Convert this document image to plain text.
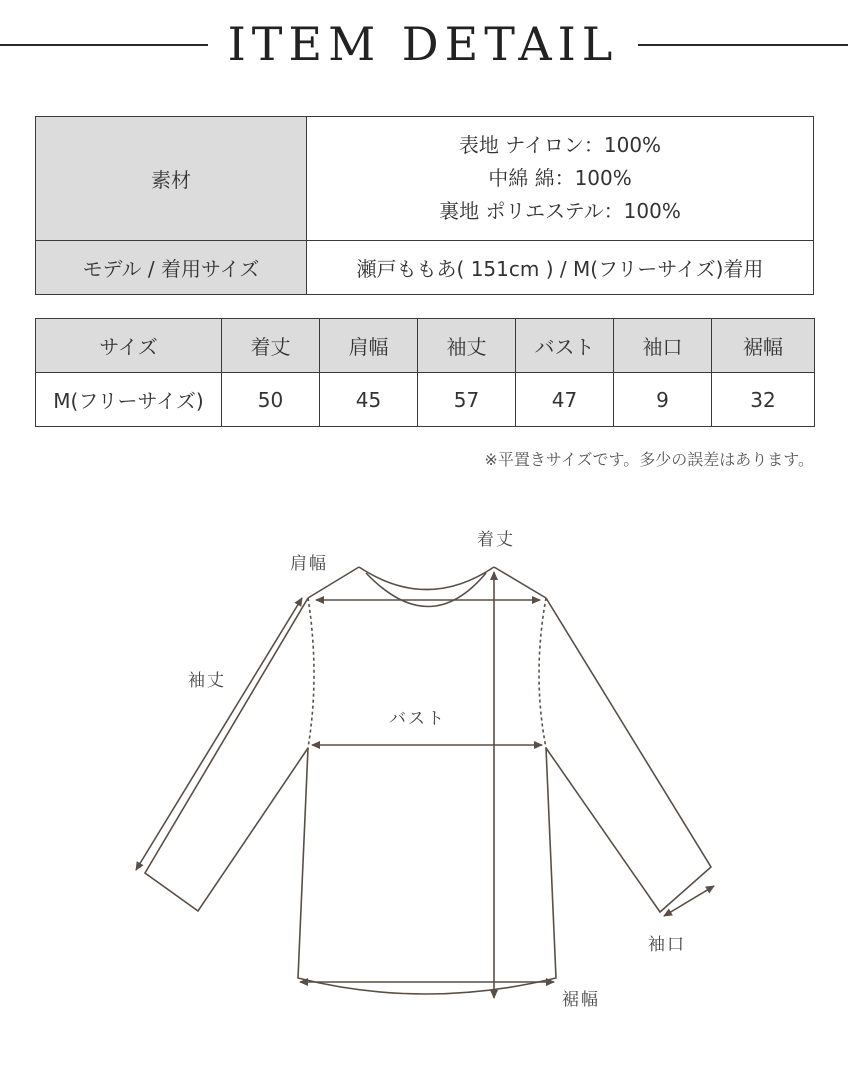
ITEM DETAIL
素材	表地 ナイロン：100%
中綿 綿：100%
裏地 ポリエステル：100%

モデル / 着用サイズ	瀬戸ももあ( 151cm ) / M(フリーサイズ)着用
サイズ	着丈	肩幅	袖丈	バスト	袖口	裾幅
M(フリーサイズ)	50	45	57	47	9	32
※平置きサイズです。多少の誤差はあります。
着丈
肩幅
袖丈
バスト
袖口
裾幅
